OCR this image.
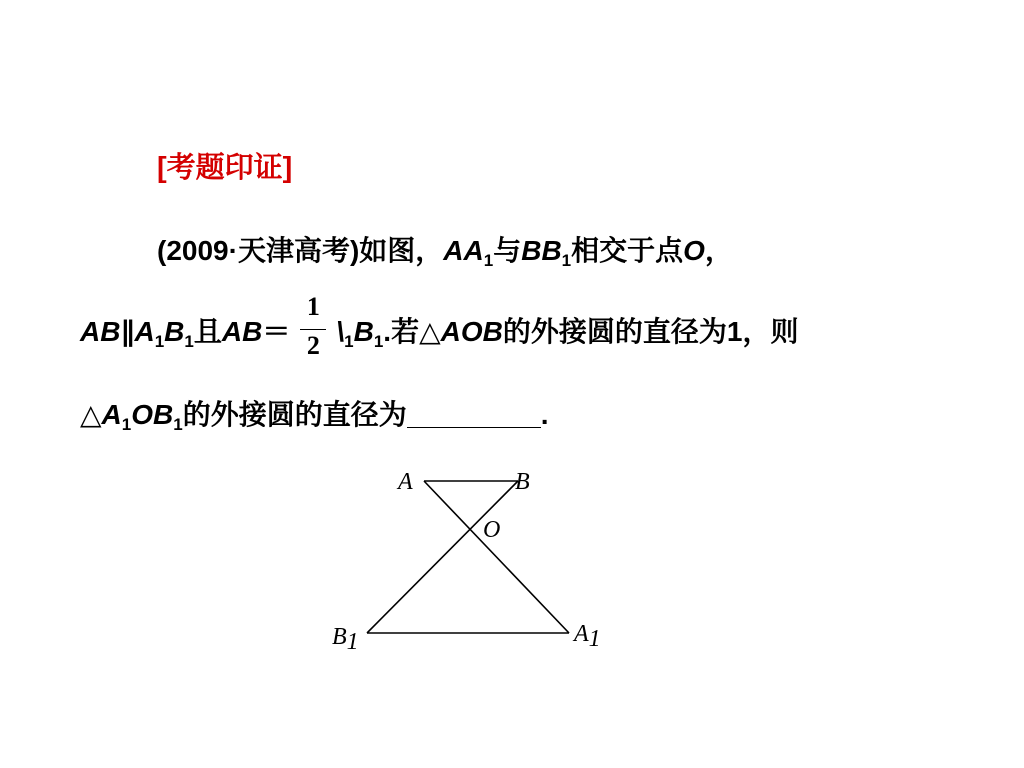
[考题印证]
(2009·天津高考)如图，$AA_1$与$BB_1$相交于点O，
$AB\parallel A_1B_1$且$AB= \frac{1}{2}$ $\backslash_1B_1$.若△AOB的外接圆的直径为1，则
$\triangle A_1OB_1$的外接圆的直径为	.
A	B
O
B1	A1
